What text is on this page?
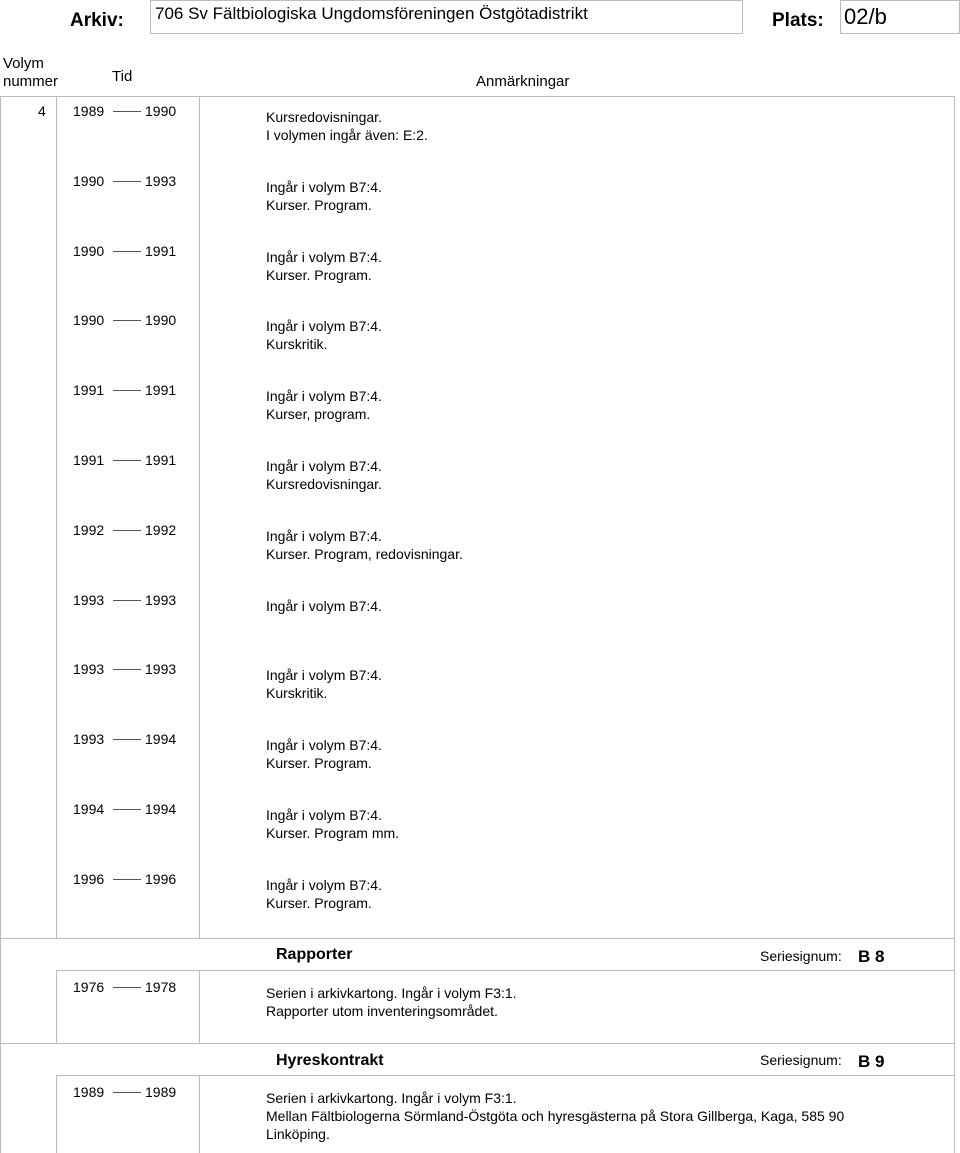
Arkiv: 706 Sv Fältbiologiska Ungdomsföreningen Östgötadistrikt	Plats: 02/b
Volym
nummer	Tid	Anmärkningar
4 1989	1990	Kursredovisningar.
I volymen ingår även: E:2.
1990	1993	Ingår i volym B7:4.
Kurser. Program.
1990	1991	Ingår i volym B7:4.
Kurser. Program.
1990	1990	Ingår i volym B7:4.
Kurskritik.
1991	1991	Ingår i volym B7:4.
Kurser, program.
1991	1991	Ingår i volym B7:4.
Kursredovisningar.
1992	1992	Ingår i volym B7:4.
Kurser. Program, redovisningar.
1993	1993	Ingår i volym B7:4.
1993	1993	Ingår i volym B7:4.
Kurskritik.
1993	1994	Ingår i volym B7:4.
Kurser. Program.
1994	1994	Ingår i volym B7:4.
Kurser. Program mm.
1996	1996	Ingår i volym B7:4.
Kurser. Program.
Rapporter	Seriesignum: B 8
1976	1978	Serien i arkivkartong. Ingår i volym F3:1.
Rapporter utom inventeringsområdet.
Hyreskontrakt	Seriesignum: B 9
1989	1989	Serien i arkivkartong. Ingår i volym F3:1.
Mellan Fältbiologerna Sörmland-Östgöta och hyresgästerna på Stora Gillberga, Kaga, 585 90
Linköping.
